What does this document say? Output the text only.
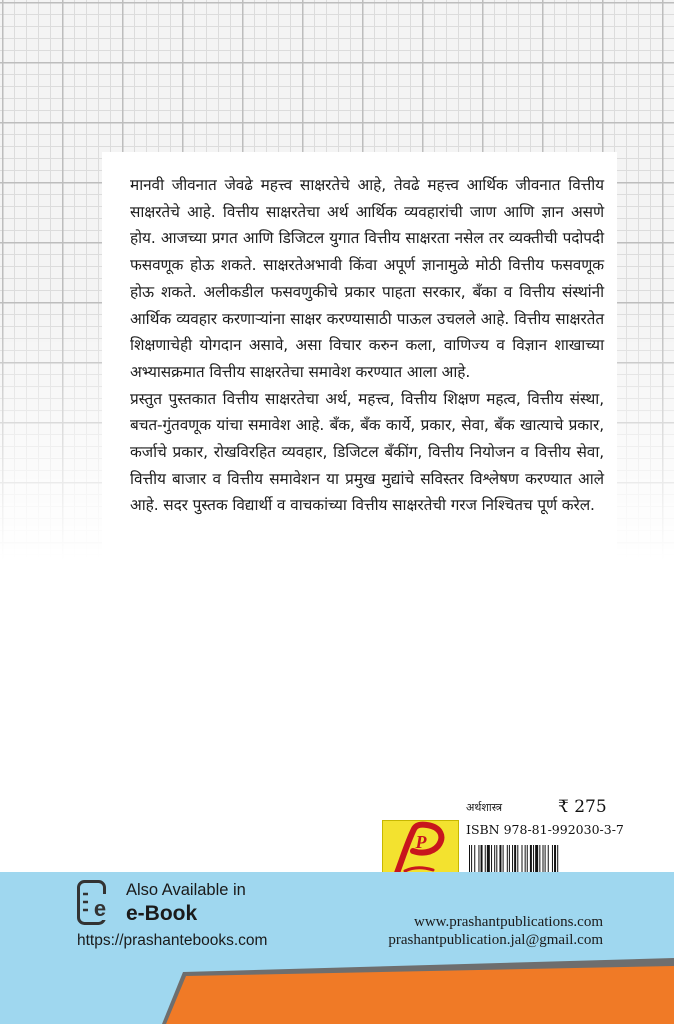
मानवी जीवनात जेवढे महत्त्व साक्षरतेचे आहे, तेवढे महत्त्व आर्थिक जीवनात वित्तीय साक्षरतेचे आहे. वित्तीय साक्षरतेचा अर्थ आर्थिक व्यवहारांची जाण आणि ज्ञान असणे होय. आजच्या प्रगत आणि डिजिटल युगात वित्तीय साक्षरता नसेल तर व्यक्तीची पदोपदी फसवणूक होऊ शकते. साक्षरतेअभावी किंवा अपूर्ण ज्ञानामुळे मोठी वित्तीय फसवणूक होऊ शकते. अलीकडील फसवणुकीचे प्रकार पाहता सरकार, बँका व वित्तीय संस्थांनी आर्थिक व्यवहार करणाऱ्यांना साक्षर करण्यासाठी पाऊल उचलले आहे. वित्तीय साक्षरतेत शिक्षणाचेही योगदान असावे, असा विचार करुन कला, वाणिज्य व विज्ञान शाखाच्या अभ्यासक्रमात वित्तीय साक्षरतेचा समावेश करण्यात आला आहे.

प्रस्तुत पुस्तकात वित्तीय साक्षरतेचा अर्थ, महत्त्व, वित्तीय शिक्षण महत्व, वित्तीय संस्था, बचत-गुंतवणूक यांचा समावेश आहे. बँक, बँक कार्ये, प्रकार, सेवा, बँक खात्याचे प्रकार, कर्जाचे प्रकार, रोखविरहित व्यवहार, डिजिटल बँकींग, वित्तीय नियोजन व वित्तीय सेवा, वित्तीय बाजार व वित्तीय समावेशन या प्रमुख मुद्यांचे सविस्तर विश्लेषण करण्यात आले आहे. सदर पुस्तक विद्यार्थी व वाचकांच्या वित्तीय साक्षरतेची गरज निश्चितच पूर्ण करेल.

अर्थशास्त्र	₹ 275
P
ISBN 978-81-992030-3-7
e
Also Available in
e-Book
https://prashantebooks.com
www.prashantpublications.com
prashantpublication.jal@gmail.com
